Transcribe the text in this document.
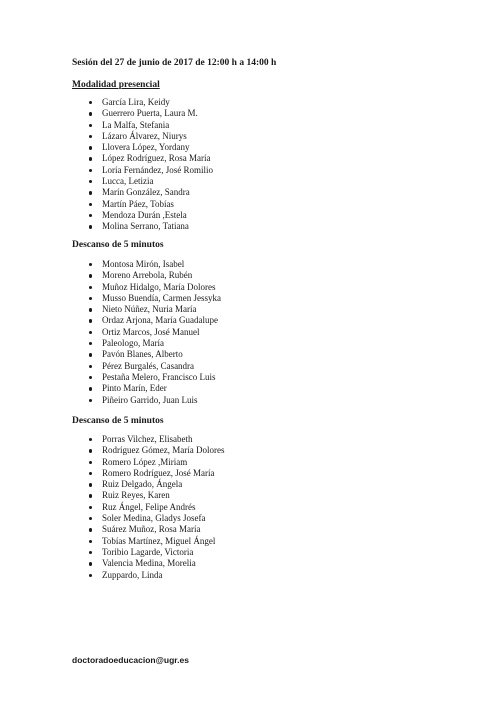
Sesión del 27 de junio de 2017 de 12:00 h a 14:00 h
Modalidad presencial
García Lira, Keidy
Guerrero Puerta, Laura M.
La Malfa, Stefania
Lázaro Álvarez, Niurys
Llovera López, Yordany
López Rodríguez, Rosa María
Loría Fernández, José Romilio
Lucca, Letizia
Marín González, Sandra
Martín Páez, Tobías
Mendoza Durán ,Estela
Molina Serrano, Tatiana
Descanso de 5 minutos
Montosa Mirón, Isabel
Moreno Arrebola, Rubén
Muñoz Hidalgo, María Dolores
Musso Buendía, Carmen Jessyka
Nieto Núñez, Nuria María
Ordaz Arjona, María Guadalupe
Ortiz Marcos, José Manuel
Paleologo, María
Pavón Blanes, Alberto
Pérez Burgalés, Casandra
Pestaña Melero, Francisco Luis
Pinto Marín, Eder
Piñeiro Garrido, Juan Luis
Descanso de 5 minutos
Porras Vilchez, Elisabeth
Rodríguez Gómez, María Dolores
Romero López ,Miriam
Romero Rodríguez, José María
Ruiz Delgado, Ángela
Ruiz Reyes, Karen
Ruz Ángel, Felipe Andrés
Soler Medina, Gladys Josefa
Suárez Muñoz, Rosa María
Tobías Martínez, Miguel Ángel
Toribio Lagarde, Victoria
Valencia Medina, Morelia
Zuppardo, Linda
doctoradoeducacion@ugr.es
